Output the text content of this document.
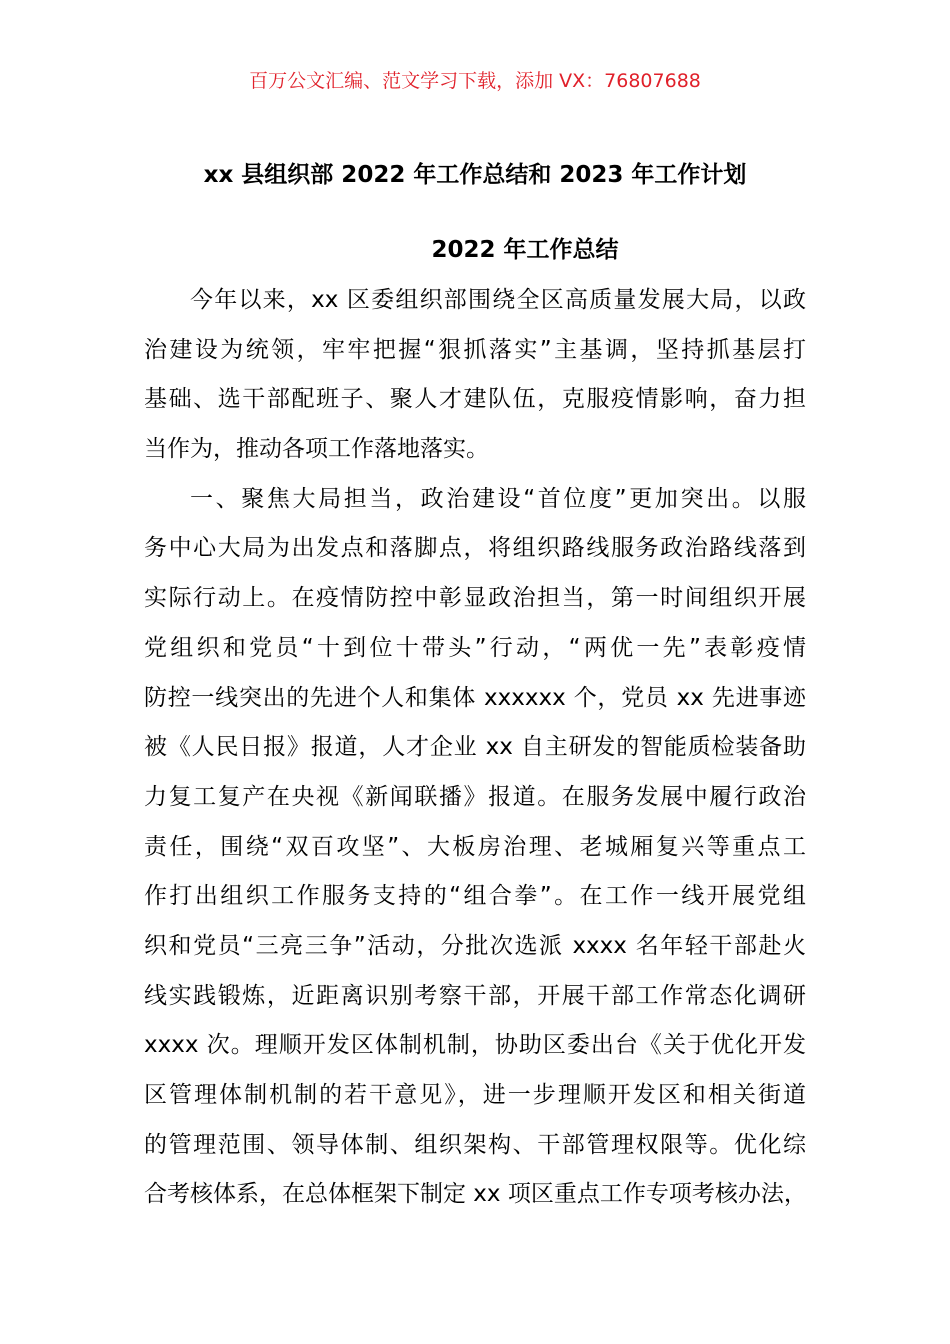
百万公文汇编、范文学习下载，添加 VX：76807688
xx 县组织部 2022 年工作总结和 2023 年工作计划
2022 年工作总结
今年以来，xx 区委组织部围绕全区高质量发展大局，以政
治建设为统领，牢牢把握“狠抓落实”主基调，坚持抓基层打
基础、选干部配班子、聚人才建队伍，克服疫情影响，奋力担
当作为，推动各项工作落地落实。
一、聚焦大局担当，政治建设“首位度”更加突出。以服
务中心大局为出发点和落脚点，将组织路线服务政治路线落到
实际行动上。在疫情防控中彰显政治担当，第一时间组织开展
党组织和党员“十到位十带头”行动，“两优一先”表彰疫情
防控一线突出的先进个人和集体 xxxxxx 个，党员 xx 先进事迹
被《人民日报》报道，人才企业 xx 自主研发的智能质检装备助
力复工复产在央视《新闻联播》报道。在服务发展中履行政治
责任，围绕“双百攻坚”、大板房治理、老城厢复兴等重点工
作打出组织工作服务支持的“组合拳”。在工作一线开展党组
织和党员“三亮三争”活动，分批次选派 xxxx 名年轻干部赴火
线实践锻炼，近距离识别考察干部，开展干部工作常态化调研
xxxx 次。理顺开发区体制机制，协助区委出台《关于优化开发
区管理体制机制的若干意见》，进一步理顺开发区和相关街道
的管理范围、领导体制、组织架构、干部管理权限等。优化综
合考核体系，在总体框架下制定 xx 项区重点工作专项考核办法，
